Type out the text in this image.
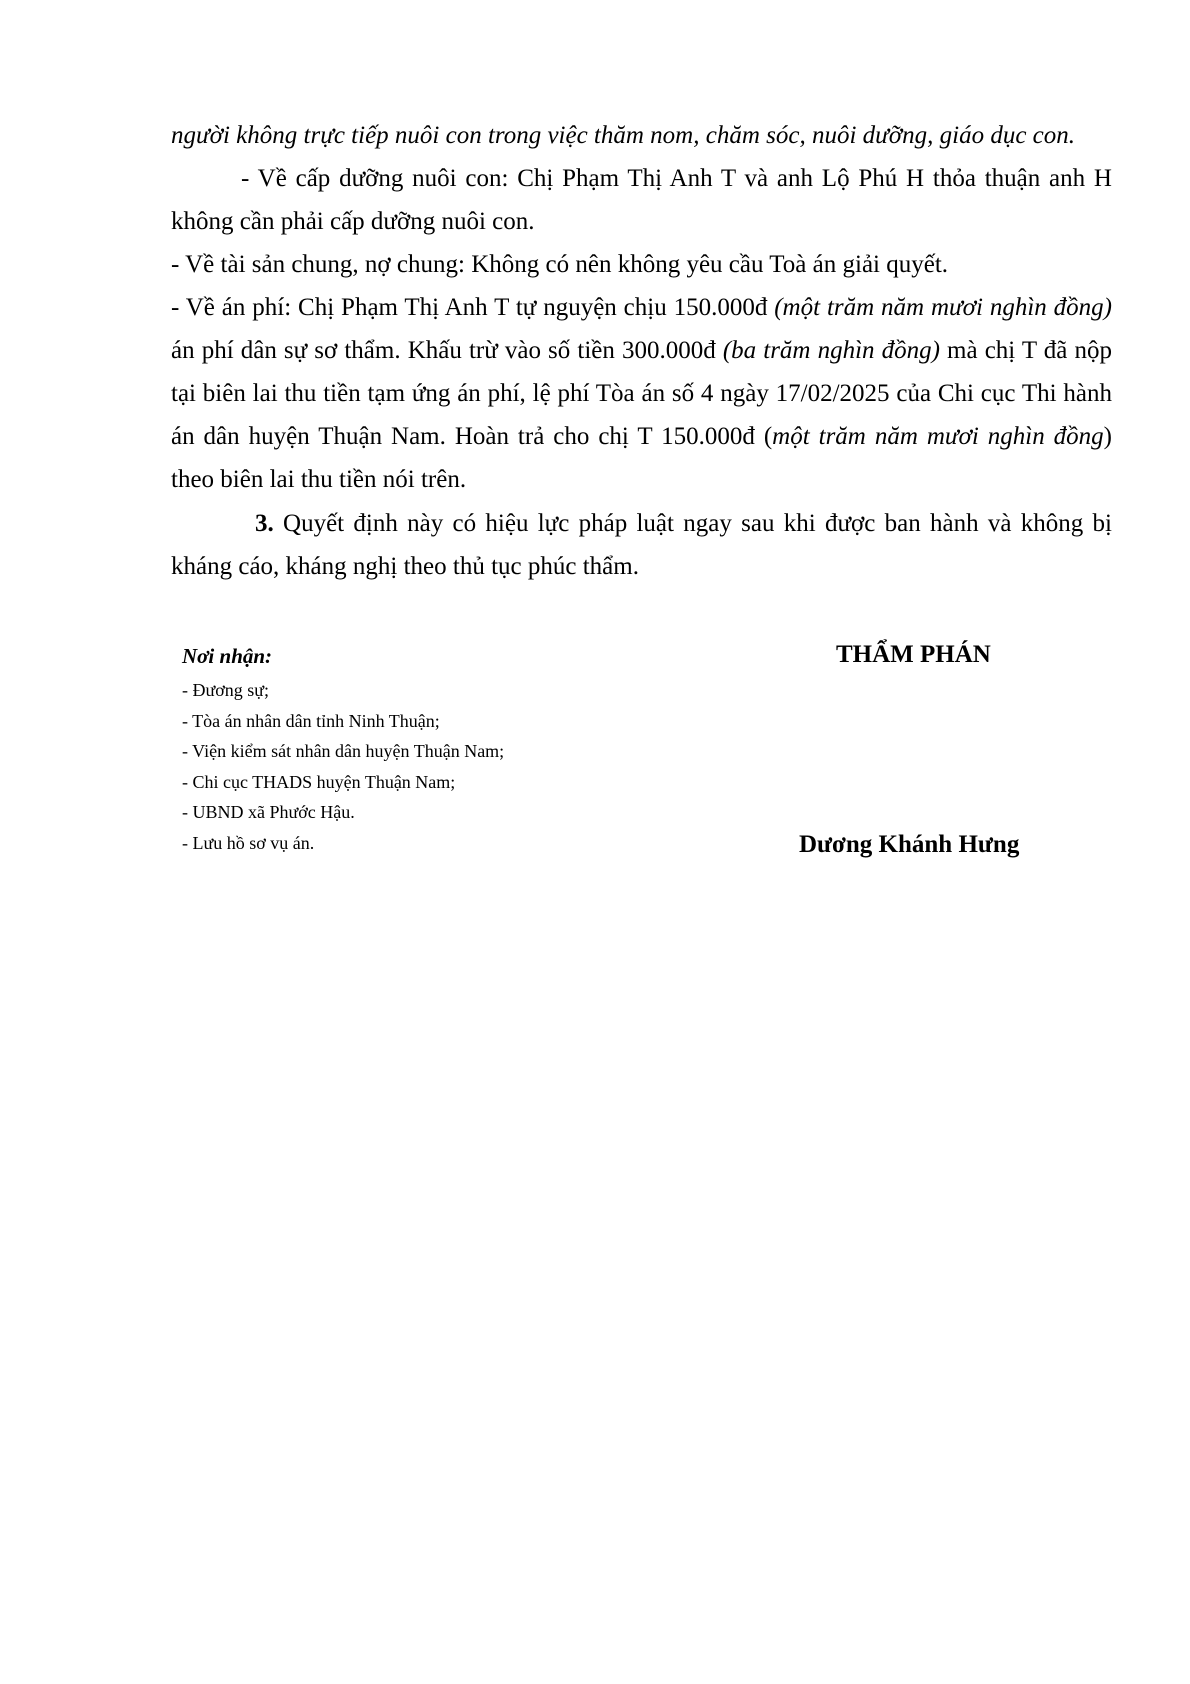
người không trực tiếp nuôi con trong việc thăm nom, chăm sóc, nuôi dưỡng, giáo dục con.

- Về cấp dưỡng nuôi con: Chị Phạm Thị Anh T và anh Lộ Phú H thỏa thuận anh H không cần phải cấp dưỡng nuôi con.

- Về tài sản chung, nợ chung: Không có nên không yêu cầu Toà án giải quyết.

- Về án phí: Chị Phạm Thị Anh T tự nguyện chịu 150.000đ (một trăm năm mươi nghìn đồng) án phí dân sự sơ thẩm. Khấu trừ vào số tiền 300.000đ (ba trăm nghìn đồng) mà chị T đã nộp tại biên lai thu tiền tạm ứng án phí, lệ phí Tòa án số 4 ngày 17/02/2025 của Chi cục Thi hành án dân huyện Thuận Nam. Hoàn trả cho chị T 150.000đ (một trăm năm mươi nghìn đồng) theo biên lai thu tiền nói trên.

3. Quyết định này có hiệu lực pháp luật ngay sau khi được ban hành và không bị kháng cáo, kháng nghị theo thủ tục phúc thẩm.

Nơi nhận:
- Đương sự;
- Tòa án nhân dân tỉnh Ninh Thuận;
- Viện kiểm sát nhân dân huyện Thuận Nam;
- Chi cục THADS huyện Thuận Nam;
- UBND xã Phước Hậu.
- Lưu hồ sơ vụ án.
THẨM PHÁN
Dương Khánh Hưng
